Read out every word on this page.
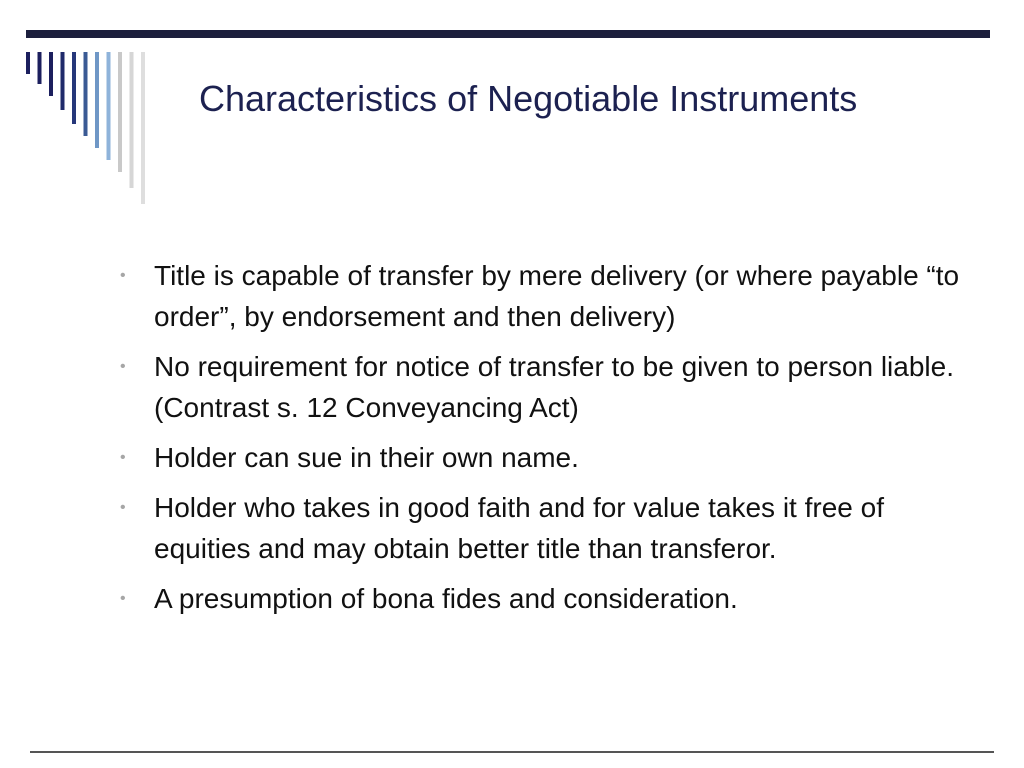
Characteristics of Negotiable Instruments
• Title is capable of transfer by mere delivery (or where payable “to order”, by endorsement and then delivery)
• No requirement for notice of transfer to be given to person liable. (Contrast s. 12 Conveyancing Act)
• Holder can sue in their own name.
• Holder who takes in good faith and for value takes it free of equities and may obtain better title than transferor.
• A presumption of bona fides and consideration.
